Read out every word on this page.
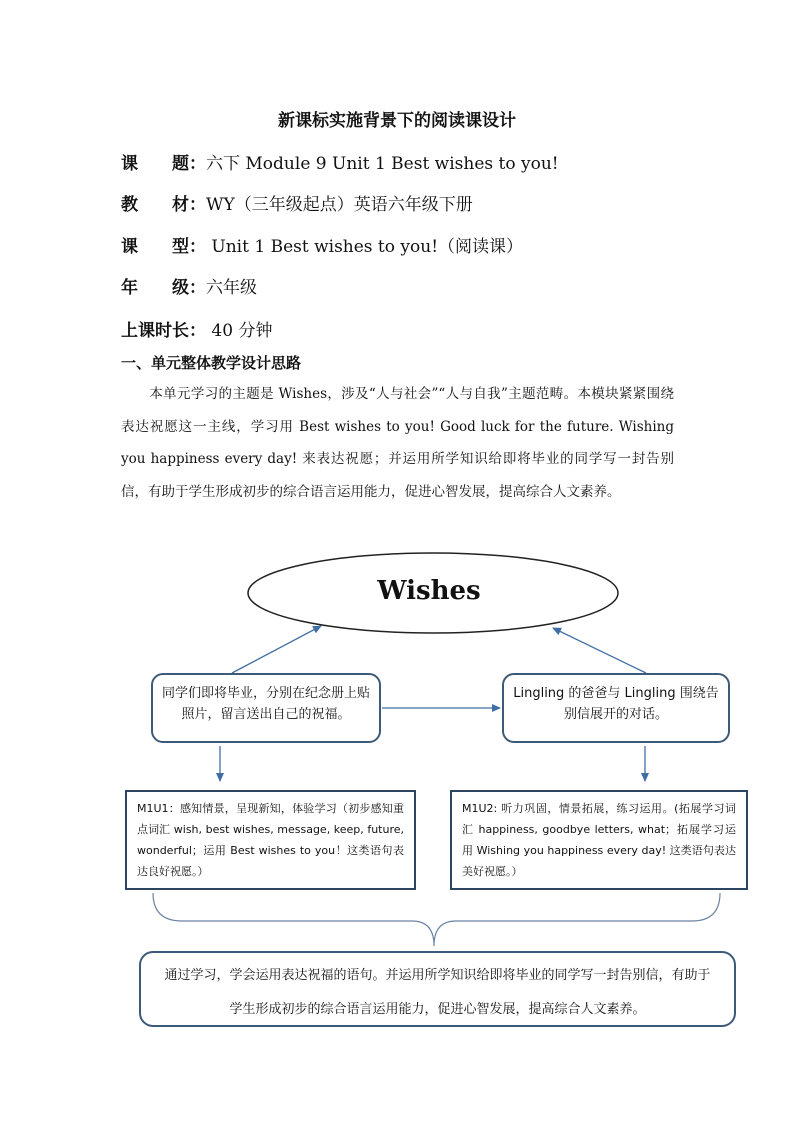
新课标实施背景下的阅读课设计
课　　题：六下 Module 9 Unit 1 Best wishes to you!
教　　材：WY（三年级起点）英语六年级下册
课　　型： Unit 1 Best wishes to you!（阅读课）
年　　级：六年级
上课时长： 40 分钟
一、单元整体教学设计思路
本单元学习的主题是 Wishes，涉及“人与社会”“人与自我”主题范畴。本模块紧紧围绕表达祝愿这一主线，学习用 Best wishes to you! Good luck for the future. Wishing you happiness every day! 来表达祝愿；并运用所学知识给即将毕业的同学写一封告别信，有助于学生形成初步的综合语言运用能力，促进心智发展，提高综合人文素养。
Wishes
同学们即将毕业，分别在纪念册上贴照片，留言送出自己的祝福。
Lingling 的爸爸与 Lingling 围绕告别信展开的对话。
M1U1：感知情景，呈现新知，体验学习（初步感知重点词汇 wish, best wishes, message, keep, future, wonderful；运用 Best wishes to you！这类语句表达良好祝愿。）
M1U2: 听力巩固，情景拓展，练习运用。(拓展学习词汇 happiness, goodbye letters, what；拓展学习运用 Wishing you happiness every day! 这类语句表达美好祝愿。）
通过学习，学会运用表达祝福的语句。并运用所学知识给即将毕业的同学写一封告别信，有助于学生形成初步的综合语言运用能力，促进心智发展，提高综合人文素养。
